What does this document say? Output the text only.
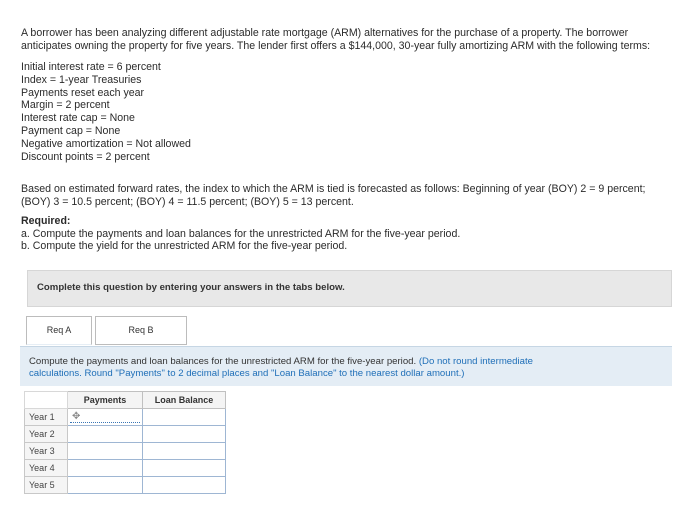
A borrower has been analyzing different adjustable rate mortgage (ARM) alternatives for the purchase of a property. The borrower
anticipates owning the property for five years. The lender first offers a $144,000, 30-year fully amortizing ARM with the following terms:
Initial interest rate = 6 percent
Index = 1-year Treasuries
Payments reset each year
Margin = 2 percent
Interest rate cap = None
Payment cap = None
Negative amortization = Not allowed
Discount points = 2 percent
Based on estimated forward rates, the index to which the ARM is tied is forecasted as follows: Beginning of year (BOY) 2 = 9 percent;
(BOY) 3 = 10.5 percent; (BOY) 4 = 11.5 percent; (BOY) 5 = 13 percent.
Required:
a. Compute the payments and loan balances for the unrestricted ARM for the five-year period.
b. Compute the yield for the unrestricted ARM for the five-year period.
Complete this question by entering your answers in the tabs below.
Req A	Req B
Compute the payments and loan balances for the unrestricted ARM for the five-year period. (Do not round intermediate
calculations. Round "Payments" to 2 decimal places and "Loan Balance" to the nearest dollar amount.)
	Payments	Loan Balance
Year 1	✥	

Year 2		
Year 3		
Year 4		
Year 5		
